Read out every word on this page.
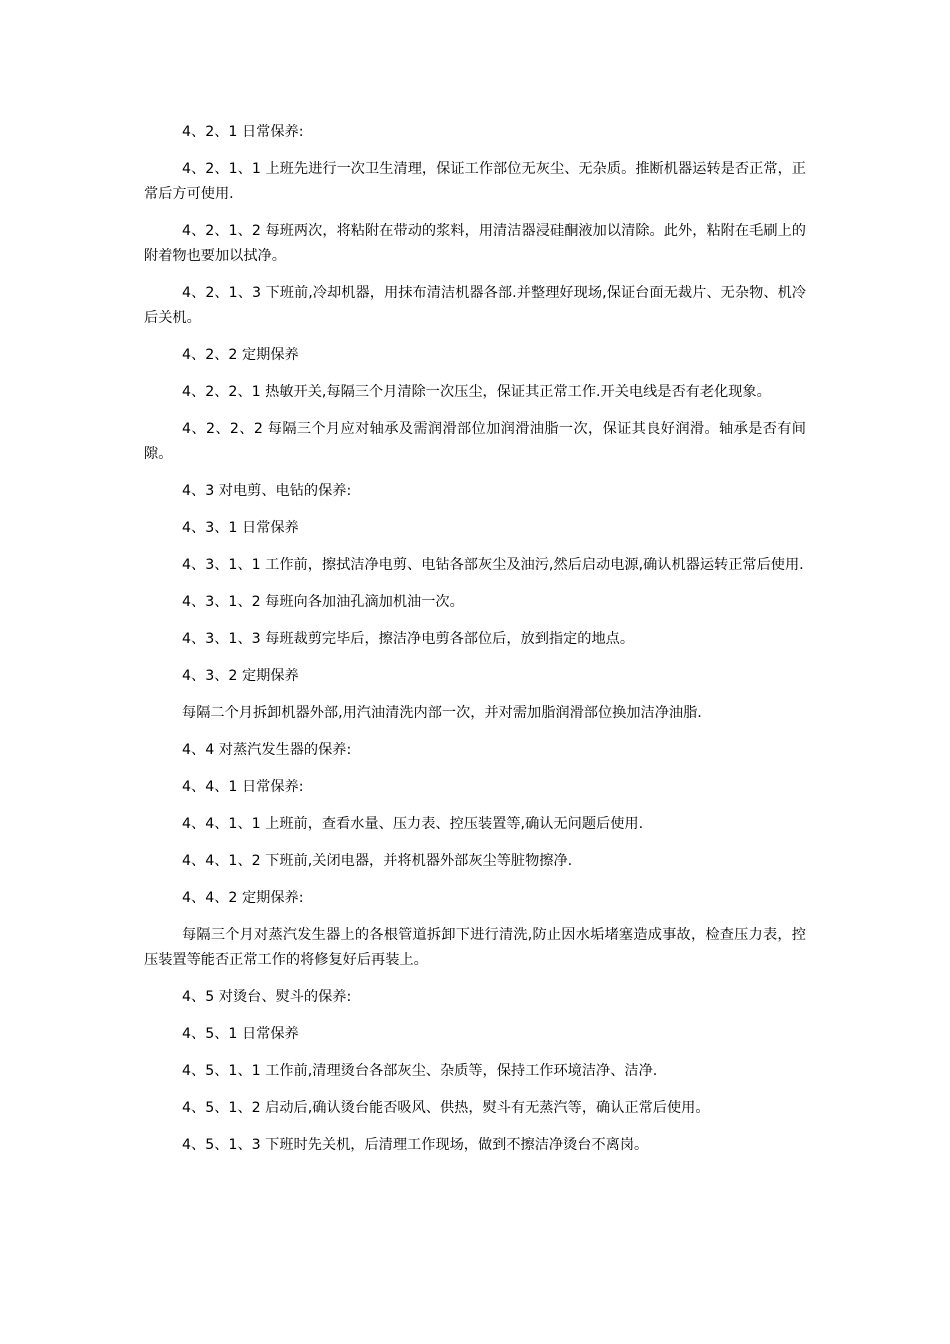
4、2、1 日常保养:

4、2、1、1 上班先进行一次卫生清理，保证工作部位无灰尘、无杂质。推断机器运转是否正常，正常后方可使用.

4、2、1、2 每班两次，将粘附在带动的浆料，用清洁器浸硅酮液加以清除。此外，粘附在毛刷上的附着物也要加以拭净。

4、2、1、3 下班前,冷却机器，用抹布清洁机器各部.并整理好现场,保证台面无裁片、无杂物、机冷后关机。

4、2、2 定期保养

4、2、2、1 热敏开关,每隔三个月清除一次压尘，保证其正常工作.开关电线是否有老化现象。

4、2、2、2 每隔三个月应对轴承及需润滑部位加润滑油脂一次，保证其良好润滑。轴承是否有间隙。

4、3 对电剪、电钻的保养:

4、3、1 日常保养

4、3、1、1 工作前，擦拭洁净电剪、电钻各部灰尘及油污,然后启动电源,确认机器运转正常后使用.

4、3、1、2 每班向各加油孔滴加机油一次。

4、3、1、3 每班裁剪完毕后，擦洁净电剪各部位后，放到指定的地点。

4、3、2 定期保养

每隔二个月拆卸机器外部,用汽油清洗内部一次，并对需加脂润滑部位换加洁净油脂.

4、4 对蒸汽发生器的保养:

4、4、1 日常保养:

4、4、1、1 上班前，查看水量、压力表、控压装置等,确认无问题后使用.

4、4、1、2 下班前,关闭电器，并将机器外部灰尘等脏物擦净.

4、4、2 定期保养:

每隔三个月对蒸汽发生器上的各根管道拆卸下进行清洗,防止因水垢堵塞造成事故，检查压力表，控压装置等能否正常工作的将修复好后再装上。

4、5 对烫台、熨斗的保养:

4、5、1 日常保养

4、5、1、1 工作前,清理烫台各部灰尘、杂质等，保持工作环境洁净、洁净.

4、5、1、2 启动后,确认烫台能否吸风、供热，熨斗有无蒸汽等，确认正常后使用。

4、5、1、3 下班时先关机，后清理工作现场，做到不擦洁净烫台不离岗。
